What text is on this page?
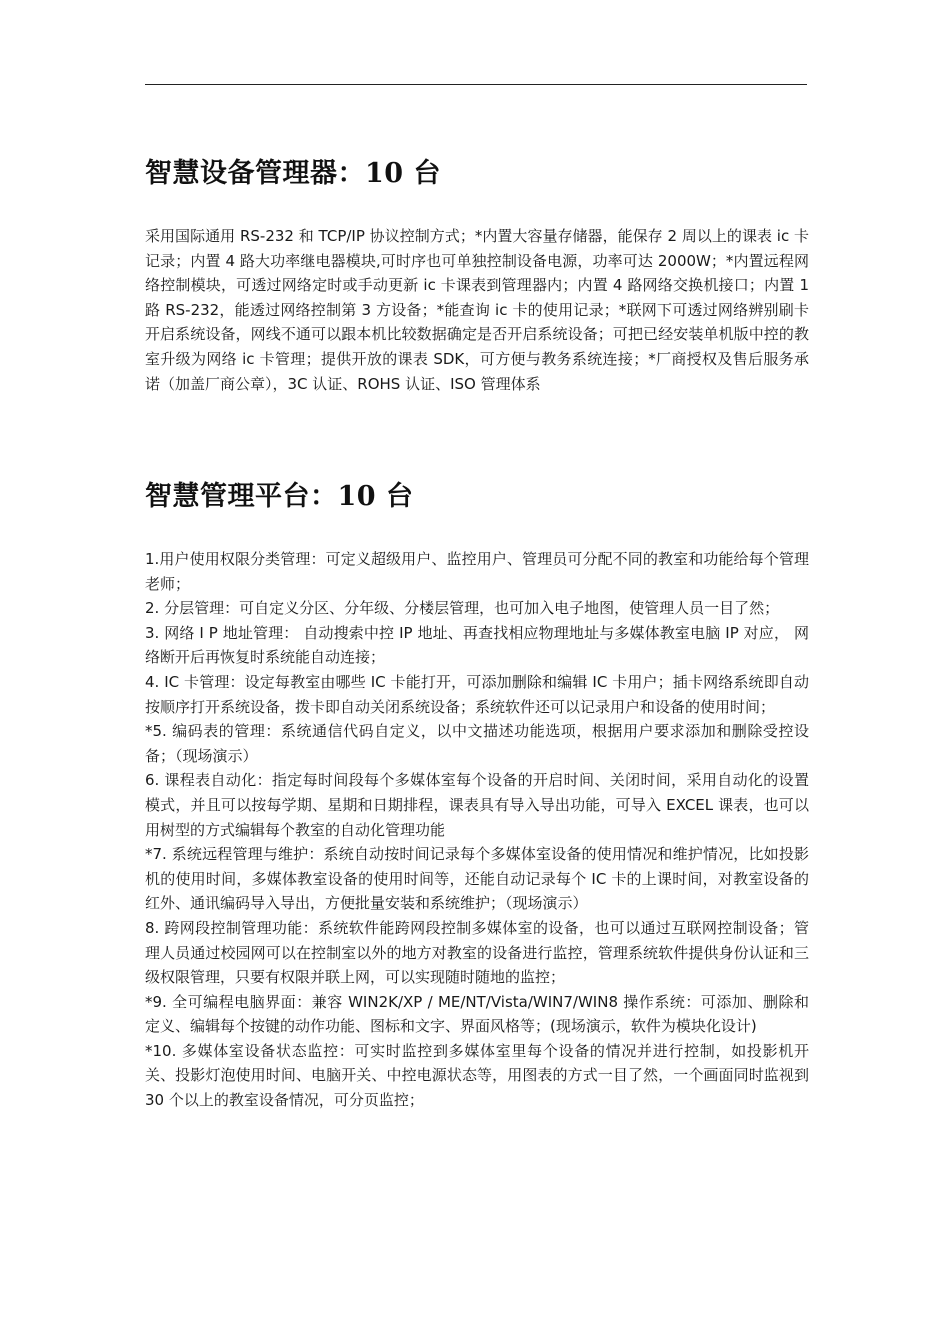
智慧设备管理器：10 台

采用国际通用 RS-232 和 TCP/IP 协议控制方式；*内置大容量存储器，能保存 2 周以上的课表 ic 卡记录；内置 4 路大功率继电器模块,可时序也可单独控制设备电源，功率可达 2000W；*内置远程网络控制模块，可透过网络定时或手动更新 ic 卡课表到管理器内；内置 4 路网络交换机接口；内置 1 路 RS-232，能透过网络控制第 3 方设备；*能查询 ic 卡的使用记录；*联网下可透过网络辨别刷卡开启系统设备，网线不通可以跟本机比较数据确定是否开启系统设备；可把已经安装单机版中控的教室升级为网络 ic 卡管理；提供开放的课表 SDK，可方便与教务系统连接；*厂商授权及售后服务承诺（加盖厂商公章），3C 认证、ROHS 认证、ISO 管理体系

智慧管理平台：10 台
1.用户使用权限分类管理：可定义超级用户、监控用户、管理员可分配不同的教室和功能给每个管理老师；
2. 分层管理：可自定义分区、分年级、分楼层管理，也可加入电子地图，使管理人员一目了然；
3. 网络 I P 地址管理： 自动搜索中控 IP 地址、再查找相应物理地址与多媒体教室电脑 IP 对应， 网络断开后再恢复时系统能自动连接；
4. IC 卡管理：设定每教室由哪些 IC 卡能打开，可添加删除和编辑 IC 卡用户；插卡网络系统即自动按顺序打开系统设备，拨卡即自动关闭系统设备；系统软件还可以记录用户和设备的使用时间；
*5. 编码表的管理：系统通信代码自定义，以中文描述功能选项，根据用户要求添加和删除受控设备；（现场演示）
6. 课程表自动化：指定每时间段每个多媒体室每个设备的开启时间、关闭时间，采用自动化的设置模式，并且可以按每学期、星期和日期排程，课表具有导入导出功能，可导入 EXCEL 课表，也可以用树型的方式编辑每个教室的自动化管理功能
*7. 系统远程管理与维护：系统自动按时间记录每个多媒体室设备的使用情况和维护情况，比如投影机的使用时间，多媒体教室设备的使用时间等，还能自动记录每个 IC 卡的上课时间，对教室设备的红外、通讯编码导入导出，方便批量安装和系统维护；（现场演示）
8. 跨网段控制管理功能：系统软件能跨网段控制多媒体室的设备，也可以通过互联网控制设备；管理人员通过校园网可以在控制室以外的地方对教室的设备进行监控，管理系统软件提供身份认证和三级权限管理，只要有权限并联上网，可以实现随时随地的监控；
*9. 全可编程电脑界面：兼容 WIN2K/XP / ME/NT/Vista/WIN7/WIN8 操作系统：可添加、删除和定义、编辑每个按键的动作功能、图标和文字、界面风格等；(现场演示，软件为模块化设计)
*10. 多媒体室设备状态监控：可实时监控到多媒体室里每个设备的情况并进行控制，如投影机开关、投影灯泡使用时间、电脑开关、中控电源状态等，用图表的方式一目了然，一个画面同时监视到 30 个以上的教室设备情况，可分页监控；
